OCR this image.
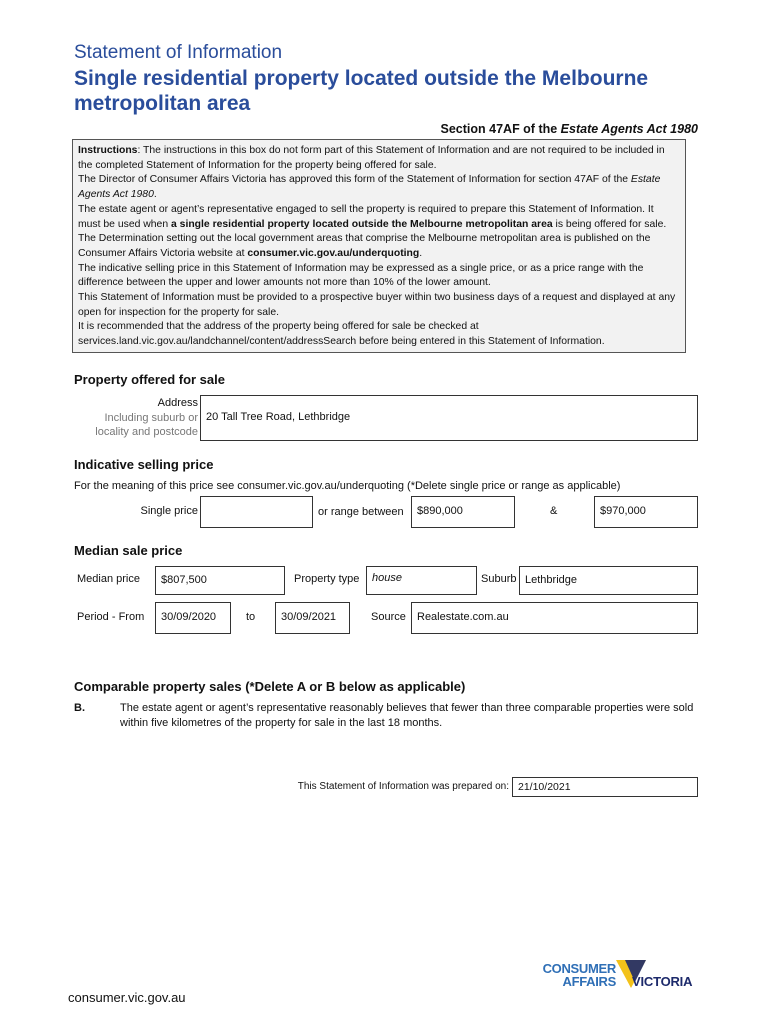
Statement of Information
Single residential property located outside the Melbourne metropolitan area
Section 47AF of the Estate Agents Act 1980

Instructions: The instructions in this box do not form part of this Statement of Information and are not required to be included in the completed Statement of Information for the property being offered for sale.

The Director of Consumer Affairs Victoria has approved this form of the Statement of Information for section 47AF of the Estate Agents Act 1980.

The estate agent or agent’s representative engaged to sell the property is required to prepare this Statement of Information. It must be used when a single residential property located outside the Melbourne metropolitan area is being offered for sale. The Determination setting out the local government areas that comprise the Melbourne metropolitan area is published on the Consumer Affairs Victoria website at consumer.vic.gov.au/underquoting.

The indicative selling price in this Statement of Information may be expressed as a single price, or as a price range with the difference between the upper and lower amounts not more than 10% of the lower amount.

This Statement of Information must be provided to a prospective buyer within two business days of a request and displayed at any open for inspection for the property for sale.

It is recommended that the address of the property being offered for sale be checked at services.land.vic.gov.au/landchannel/content/addressSearch before being entered in this Statement of Information.

Property offered for sale
Address
Including suburb or
locality and postcode
20 Tall Tree Road, Lethbridge
Indicative selling price
For the meaning of this price see consumer.vic.gov.au/underquoting (*Delete single price or range as applicable)
Single price	or range between	$890,000	&	$970,000
Median sale price
Median price	$807,500	Property type	house	Suburb Lethbridge
Period - From	30/09/2020	to	30/09/2021	Source	Realestate.com.au
Comparable property sales (*Delete A or B below as applicable)
B.	The estate agent or agent’s representative reasonably believes that fewer than three comparable properties were sold within five kilometres of the property for sale in the last 18 months.
This Statement of Information was prepared on: 21/10/2021
CONSUMER
AFFAIRS VICTORIA
consumer.vic.gov.au
